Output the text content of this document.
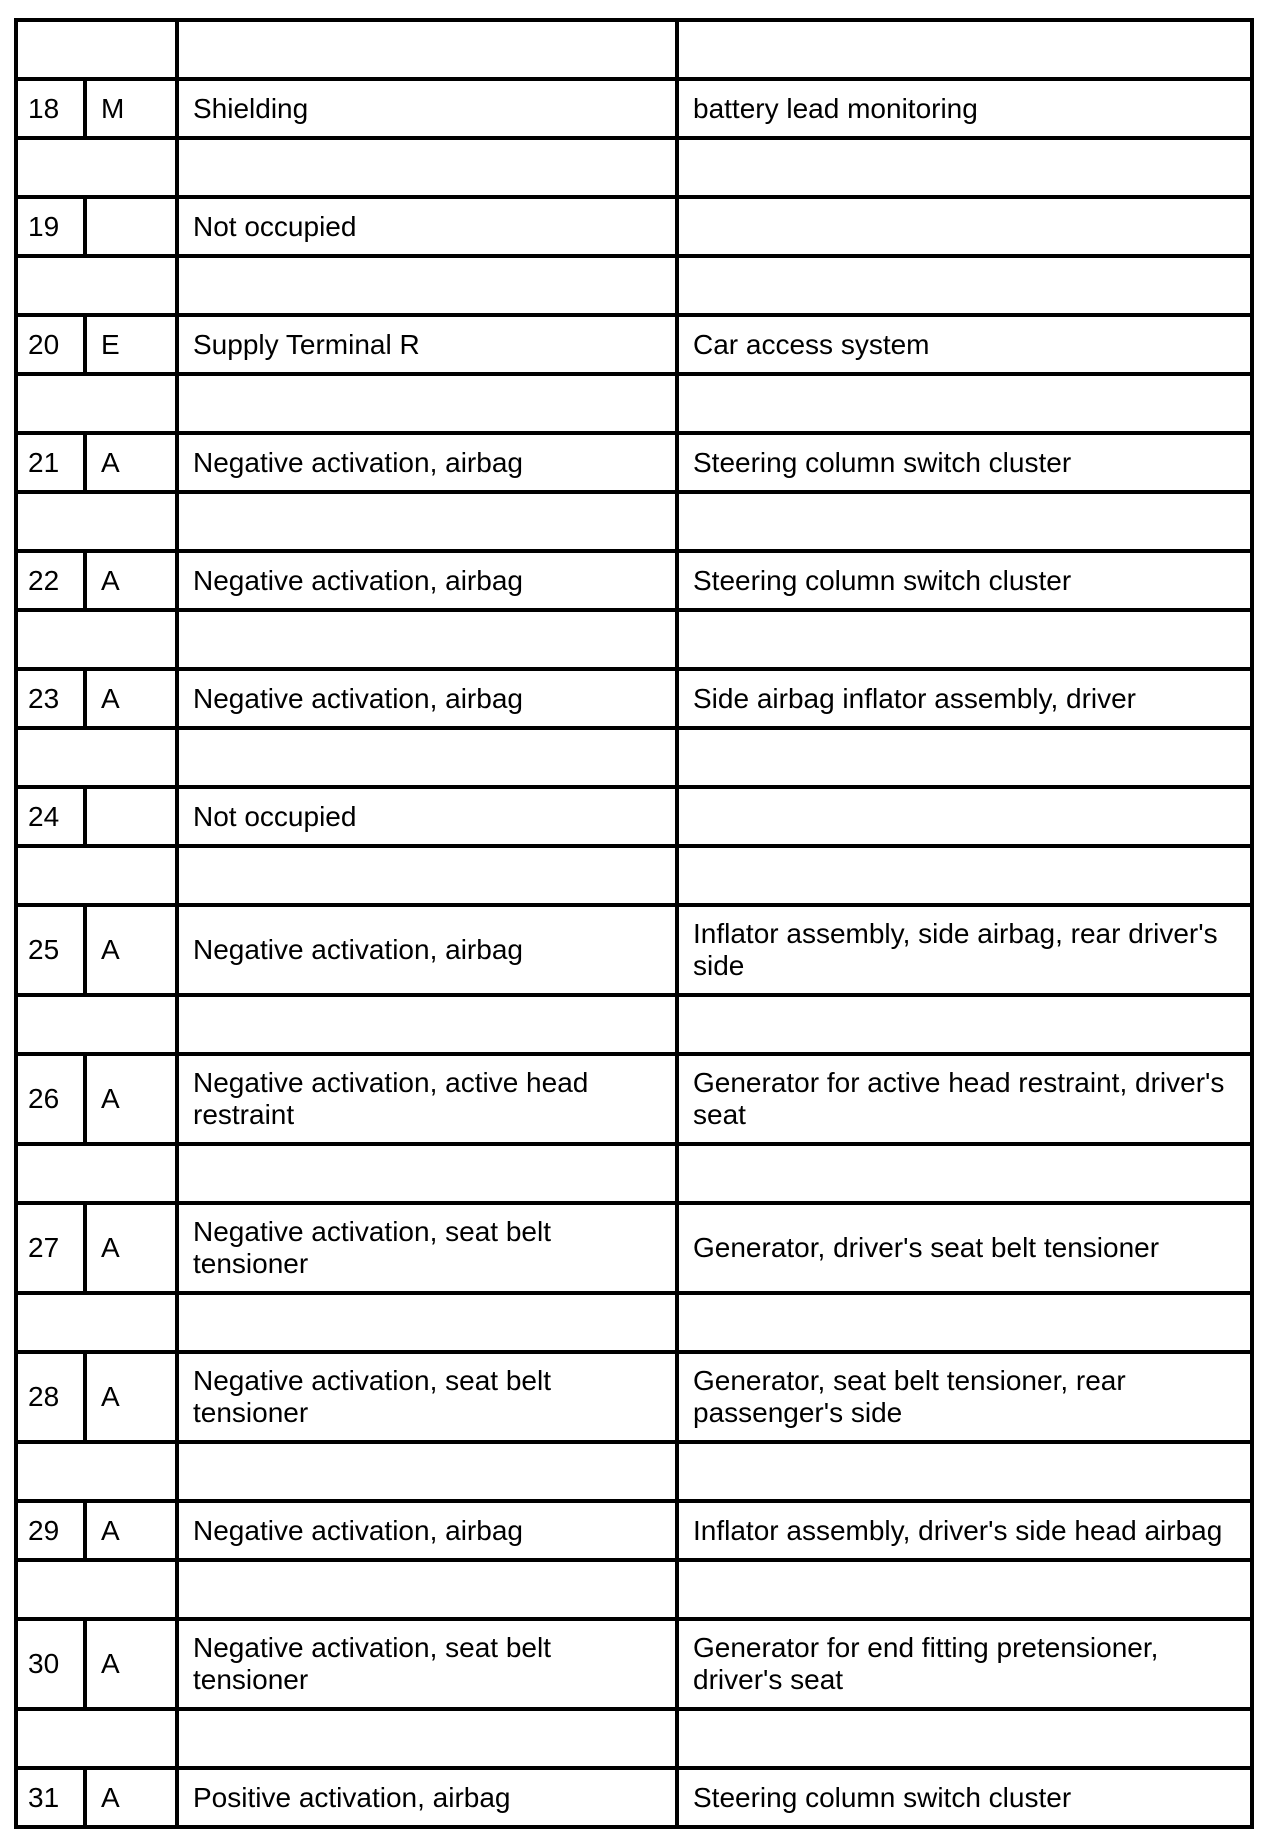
18	M	Shielding	battery lead monitoring

19		Not occupied	

20	E	Supply Terminal R	Car access system

21	A	Negative activation, airbag	Steering column switch cluster

22	A	Negative activation, airbag	Steering column switch cluster

23	A	Negative activation, airbag	Side airbag inflator assembly, driver

24		Not occupied	

25	A	Negative activation, airbag	Inflator assembly, side airbag, rear driver's side

26	A	Negative activation, active head restraint	Generator for active head restraint, driver's seat

27	A	Negative activation, seat belt tensioner	Generator, driver's seat belt tensioner

28	A	Negative activation, seat belt tensioner	Generator, seat belt tensioner, rear passenger's side

29	A	Negative activation, airbag	Inflator assembly, driver's side head airbag

30	A	Negative activation, seat belt tensioner	Generator for end fitting pretensioner, driver's seat

31	A	Positive activation, airbag	Steering column switch cluster
